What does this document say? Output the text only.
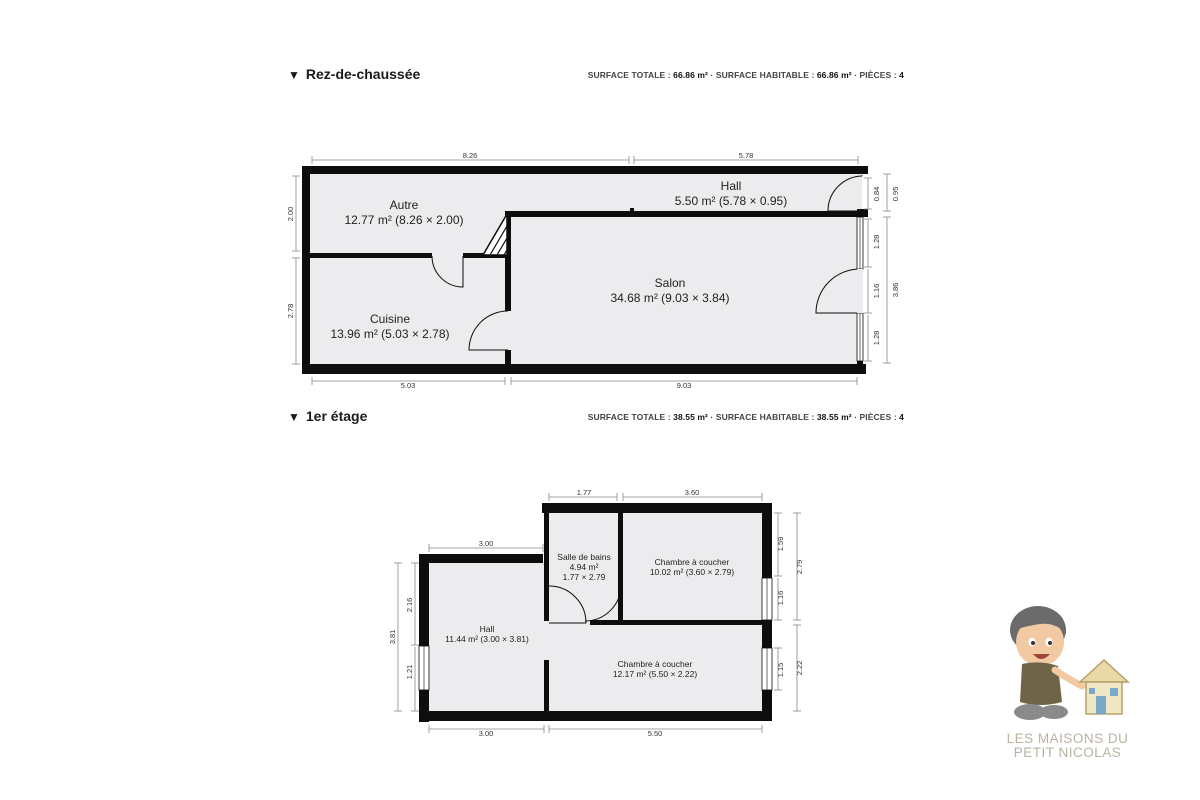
▼ Rez-de-chaussée	SURFACE TOTALE : 66.86 m² · SURFACE HABITABLE : 66.86 m² · PIÈCES : 4
▼ 1er étage	SURFACE TOTALE : 38.55 m² · SURFACE HABITABLE : 38.55 m² · PIÈCES : 4
Autre
12.77 m² (8.26 × 2.00)
Hall
5.50 m² (5.78 × 0.95)
Salon
34.68 m² (9.03 × 3.84)
Cuisine
13.96 m² (5.03 × 2.78)
8.26	5.78
5.03	9.03
2.00
2.78
0.84 0.95
1.28
1.16
1.28
3.86
Salle de bains
4.94 m²
1.77 × 2.79
Chambre à coucher
10.02 m² (3.60 × 2.79)
Hall
11.44 m² (3.00 × 3.81)
Chambre à coucher
12.17 m² (5.50 × 2.22)
1.77	3.60
3.00
3.00	5.50
2.16
1.21
3.81
1.59
1.16
2.79
1.15 2.22
LES MAISONS DU
PETIT NICOLAS
